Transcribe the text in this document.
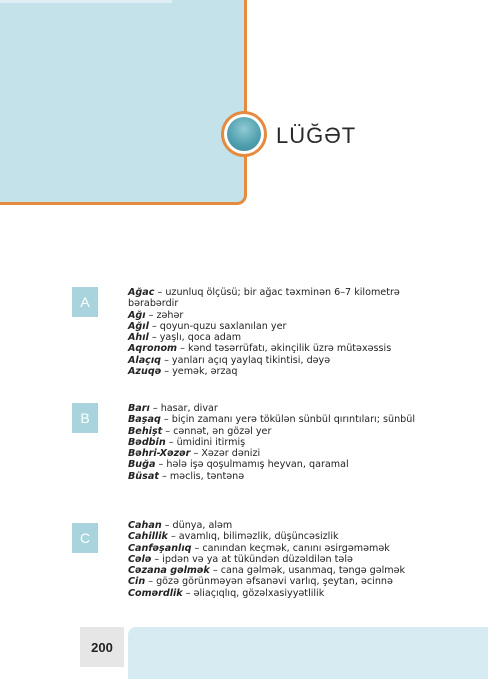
LÜĞƏT
A
Ağac – uzunluq ölçüsü; bir ağac təxminən 6–7 kilometrə bərabərdir
Ağı – zəhər
Ağıl – qoyun-quzu saxlanılan yer
Ahıl – yaşlı, qoca adam
Aqronom – kənd təsərrüfatı, əkinçilik üzrə mütəxəssis
Alaçıq – yanları açıq yaylaq tikintisi, dəyə
Azuqə – yemək, ərzaq
B
Barı – hasar, divar
Başaq – biçin zamanı yerə tökülən sünbül qırıntıları; sünbül
Behişt – cənnət, ən gözəl yer
Bədbin – ümidini itirmiş
Bəhri-Xəzər – Xəzər dənizi
Buğa – hələ işə qoşulmamış heyvan, qaramal
Büsat – məclis, təntənə
C
Cahan – dünya, aləm
Cahillik – avamlıq, biliməzlik, düşüncəsizlik
Canfəşanlıq – canından keçmək, canını əsirgəməmək
Cələ – ipdən və ya at tükündən düzəldilən tələ
Cəzana gəlmək – cana gəlmək, usanmaq, təngə gəlmək
Cin – gözə görünməyən əfsanəvi varlıq, şeytan, əcinnə
Comərdlik – əliaçıqlıq, gözəlxasiyyətlilik
200
